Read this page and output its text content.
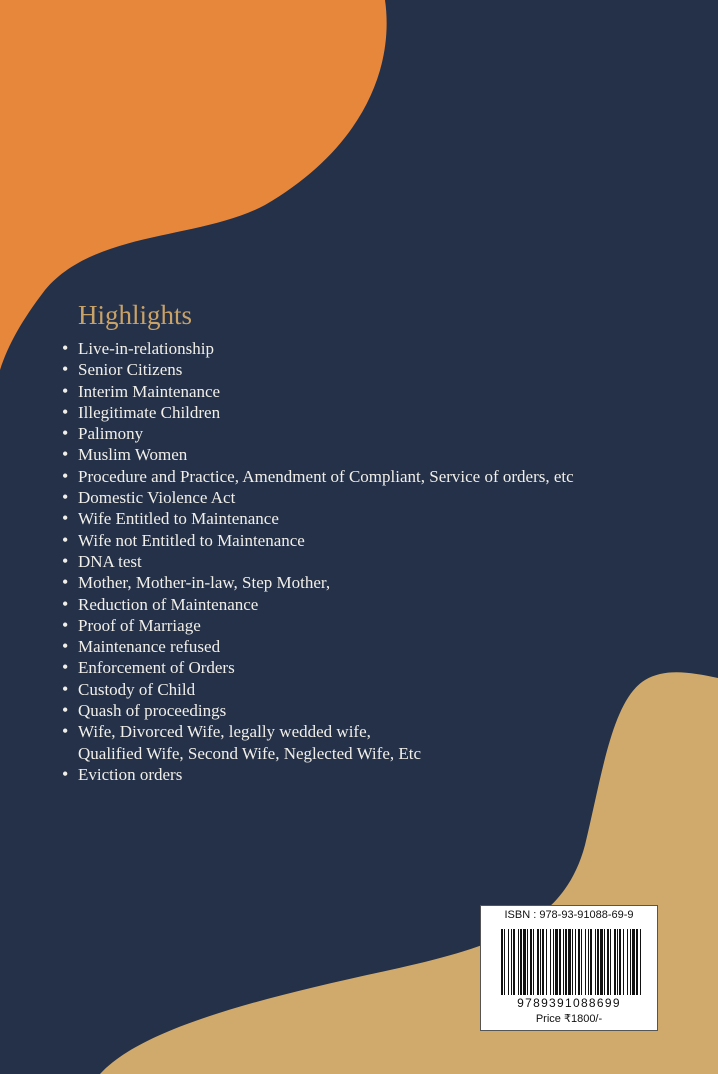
Highlights
• Live-in-relationship
• Senior Citizens
• Interim Maintenance
• Illegitimate Children
• Palimony
• Muslim Women
• Procedure and Practice, Amendment of Compliant, Service of orders, etc
• Domestic Violence Act
• Wife Entitled to Maintenance
• Wife not Entitled to Maintenance
• DNA test
• Mother, Mother-in-law, Step Mother,
• Reduction of Maintenance
• Proof of Marriage
• Maintenance refused
• Enforcement of Orders
• Custody of Child
• Quash of proceedings
• Wife, Divorced Wife, legally wedded wife,
Qualified Wife, Second Wife, Neglected Wife, Etc
• Eviction orders
ISBN : 978-93-91088-69-9
9789391088699
Price ₹1800/-
